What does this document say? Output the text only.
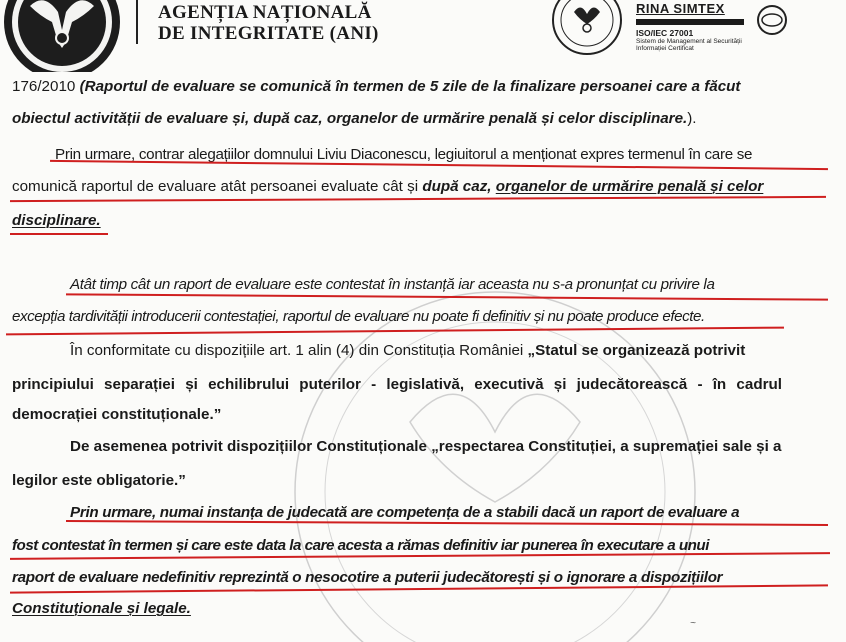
AGENȚIA NAȚIONALĂ
DE INTEGRITATE (ANI)
RINA SIMTEX
ISO/IEC 27001
Sistem de Management al Securității Informației Certificat

176/2010 (Raportul de evaluare se comunică în termen de 5 zile de la finalizare persoanei care a făcut

obiectul activității de evaluare și, după caz, organelor de urmărire penală și celor disciplinare.).

Prin urmare, contrar alegațiilor domnului Liviu Diaconescu, legiuitorul a menționat expres termenul în care se

comunică raportul de evaluare atât persoanei evaluate cât și după caz, organelor de urmărire penală și celor

disciplinare.

Atât timp cât un raport de evaluare este contestat în instanță iar aceasta nu s-a pronunțat cu privire la

excepția tardivității introducerii contestației, raportul de evaluare nu poate fi definitiv și nu poate produce efecte.

În conformitate cu dispozițiile art. 1 alin (4) din Constituția României „Statul se organizează potrivit

principiului separației și echilibrului puterilor - legislativă, executivă și judecătorească - în cadrul

democrației constituționale.”

De asemenea potrivit dispozițiilor Constituționale „respectarea Constituției, a supremației sale și a

legilor este obligatorie.”

Prin urmare, numai instanța de judecată are competența de a stabili dacă un raport de evaluare a

fost contestat în termen și care este data la care acesta a rămas definitiv iar punerea în executare a unui

raport de evaluare nedefinitiv reprezintă o nesocotire a puterii judecătorești și o ignorare a dispozițiilor

Constituționale și legale.

~
